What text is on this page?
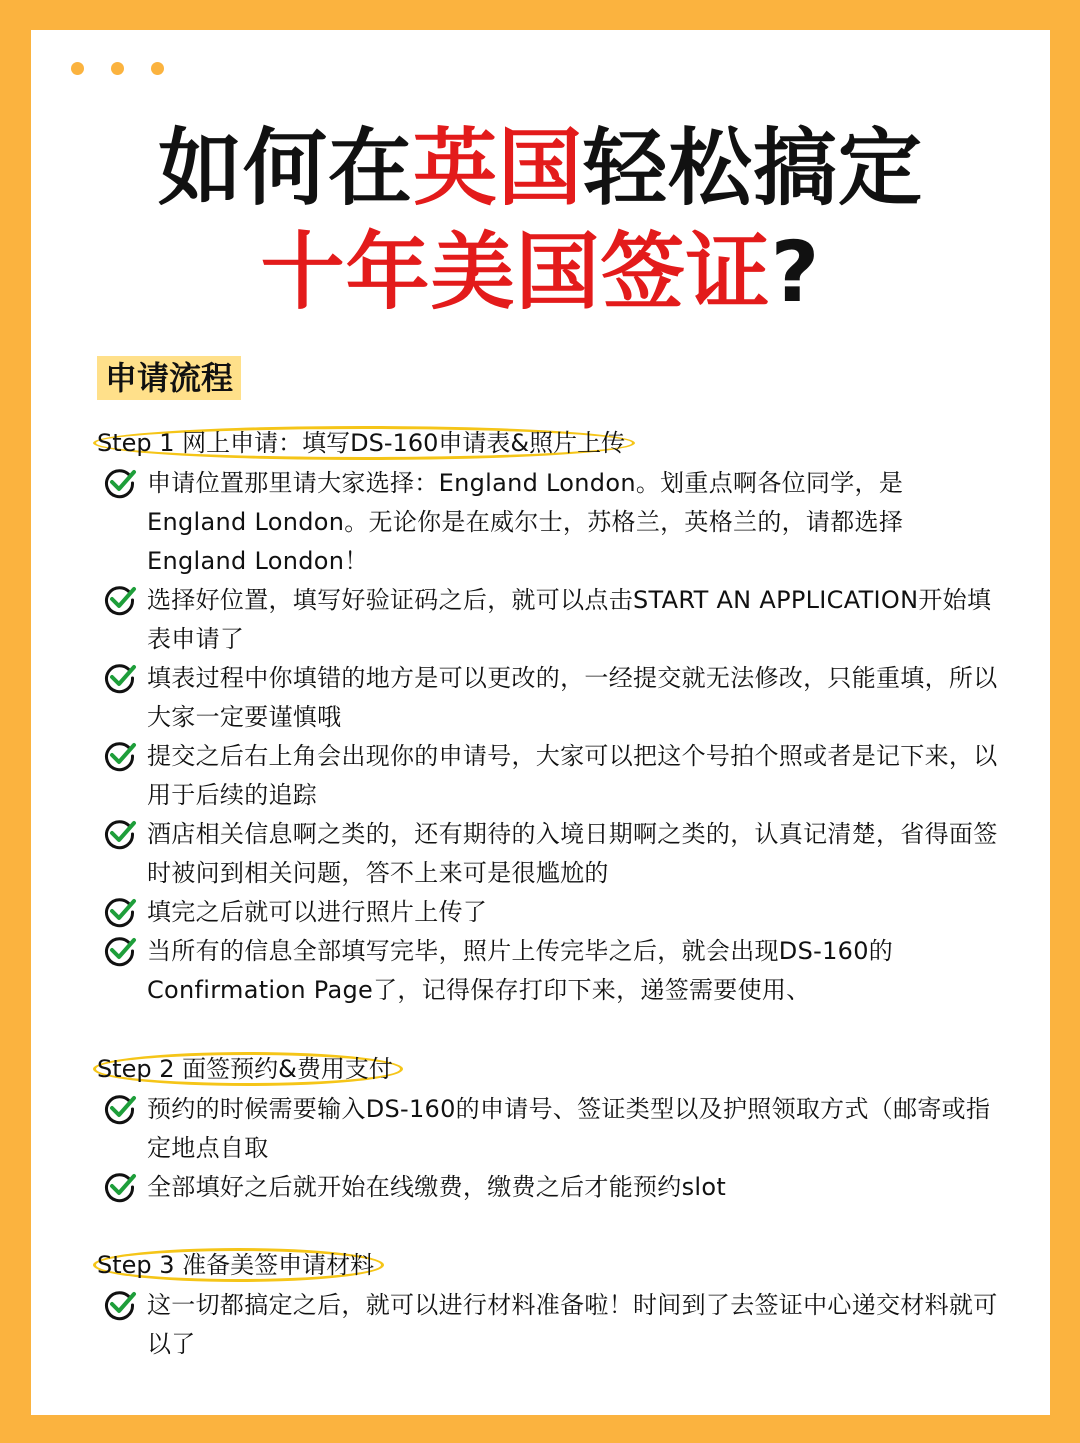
如何在英国轻松搞定
十年美国签证?
申请流程
Step 1 网上申请：填写DS-160申请表&照片上传
申请位置那里请大家选择：England London。划重点啊各位同学，是England London。无论你是在威尔士，苏格兰，英格兰的，请都选择England London！
选择好位置，填写好验证码之后，就可以点击START AN APPLICATION开始填表申请了
填表过程中你填错的地方是可以更改的，一经提交就无法修改，只能重填，所以大家一定要谨慎哦
提交之后右上角会出现你的申请号，大家可以把这个号拍个照或者是记下来，以用于后续的追踪
酒店相关信息啊之类的，还有期待的入境日期啊之类的，认真记清楚，省得面签时被问到相关问题，答不上来可是很尴尬的
填完之后就可以进行照片上传了
当所有的信息全部填写完毕，照片上传完毕之后，就会出现DS-160的Confirmation Page了，记得保存打印下来，递签需要使用、
Step 2 面签预约&费用支付
预约的时候需要输入DS-160的申请号、签证类型以及护照领取方式（邮寄或指定地点自取
全部填好之后就开始在线缴费，缴费之后才能预约slot
Step 3 准备美签申请材料
这一切都搞定之后，就可以进行材料准备啦！时间到了去签证中心递交材料就可以了
